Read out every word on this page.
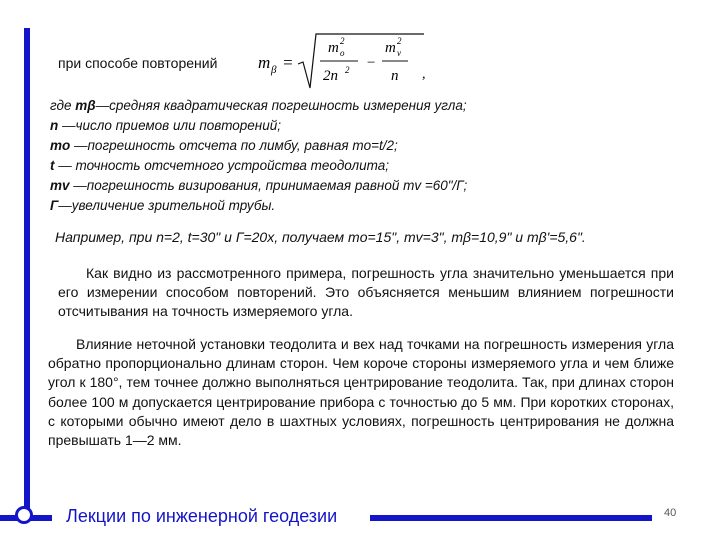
при способе повторений m β =
m o
2
2n 2 −
m v
2
n ,
где mβ—средняя квадратическая погрешность измерения угла;
n —число приемов или повторений;
mo —погрешность отсчета по лимбу, равная mo=t/2;
t — точность отсчетного устройства теодолита;
mv —погрешность визирования, принимаемая равной mv =60"/Г;
Г—увеличение зрительной трубы.
Например, при n=2, t=30" и Г=20х, получаем mo=15", mv=3", mβ=10,9" и mβ'=5,6".
  Как видно из рассмотренного примера, погрешность угла значительно уменьшается при его измерении способом повторений. Это объясняется меньшим влиянием погрешности отсчитывания на точность измеряемого угла.
  Влияние неточной установки теодолита и вех над точками на погрешность измерения угла обратно пропорционально длинам сторон. Чем короче стороны измеряемого угла и чем ближе угол к 180°, тем точнее должно выполняться центрирование теодолита. Так, при длинах сторон более 100 м допускается центрирование прибора с точностью до 5 мм. При коротких сторонах, с которыми обычно имеют дело в шахтных условиях, погрешность центрирования не должна превышать 1—2 мм.
Лекции по инженерной геодезии	40
